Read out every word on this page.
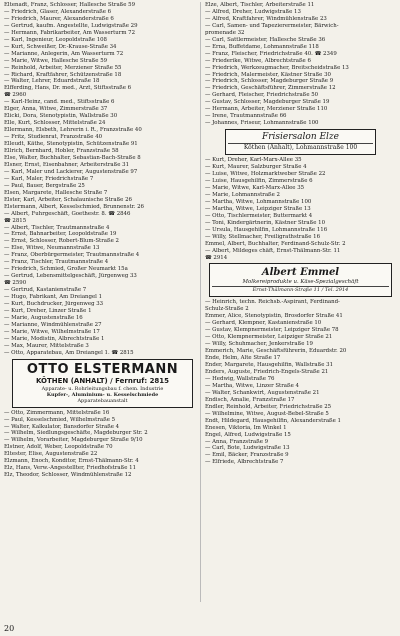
Eltenadt, Franz, Schlosser, Hallesche Straße 59
— Friedrich, Glaser, Alexanderstraße 6
— Friedrich, Maurer, Alexanderstraße 6
— Gertrud, kaufm. Angestellte, Ludwigstraße 29
— Hermann, Fabrikarbeiter, Am Wasserturm 72
— Karl, Ingenieur, Leopoldstraße 108
— Kurt, Schweißer, Dr.-Krause-Straße 34
— Marianne, Anlegerin, Am Wasserturm 72
— Marie, Witwe, Hallesche Straße 59
— Reinhold, Arbeiter, Merziener Straße 55
— Richard, Kraftfahrer, Schützenstraße 18
— Walter, Lehrer, Eduardstraße 18
Elfferding, Hans, Dr. med., Arzt, Stiftsstraße 6
☎ 2960
— Karl-Heinz, cand. med., Stiftsstraße 6
Elger, Anna, Witwe, Zimmerstraße 37
Elicki, Dora, Stenotypistin, Wallstraße 30
Elle, Kurt, Schlosser, Mittelstraße 24
Ellermann, Elsbeth, Lehrerin i. R., Franzstraße 40
— Fritz, Studienrat, Franzstraße 40
Elleudt, Käthe, Stenotypistin, Schützenstraße 91
Ellrich, Bernhard, Hobler, Franzstraße 58
Else, Walter, Buchhalter, Sebastian-Bach-Straße 8
Elsner, Ernst, Eisenbahner, Arbeiterstraße 31
— Karl, Maler und Lackierer, Augustenstraße 97
— Karl, Maler, Friedrichstraße 7
— Paul, Bauer, Bergstraße 25
Elsen, Margarete, Hallesche Straße 7
Elster, Karl, Arbeiter, Schalaunische Straße 26
Elstermann, Albert, Kesselschmied, Brunnenstr. 26
— Albert, Fuhrgeschäft, Goethestr. 8. ☎ 2846
☎ 2815
— Albert, Tischler, Trautmannstraße 4
— Ernst, Bahnarbeiter, Leopoldstraße 19
— Ernst, Schlosser, Robert-Blum-Straße 2
— Else, Witwe, Neumannstraße 13
— Franz, Oberbürgermeister, Trautmannstraße 4
— Franz, Tischler, Trautmannstraße 4
— Friedrich, Schmied, Großer Neumarkt 15a
— Gertrud, Lebensmittelgeschäft, Jürgenweg 33
☎ 2590
— Gertrud, Kastanienstraße 7
— Hugo, Fabrikant, Am Dreiangel 1
— Kurt, Buchdrucker, Jürgenweg 33
— Kurt, Dreher, Linzer Straße 1
— Marie, Augustenstraße 16
— Marianne, Windmühlenstraße 27
— Marie, Witwe, Wilhelmstraße 17
— Marie, Modistin, Albrechtstraße 1
— Max, Maurer, Mittelstraße 3
— Otto, Apparatebau, Am Dreiangel 1. ☎ 2815
OTTO ELSTERMANN
KÖTHEN (ANHALT) / Fernruf: 2815
Apparate- u. Rohrleitungsbau f. chem. Industrie
Kupfer-, Aluminium- u. Kesselschmiede
Apparatebauanstalt
— Otto, Zimmermann, Mittelstraße 16
— Paul, Kesselschmied, Wilhelmstraße 5
— Walter, Kalkulator, Bansdorfer Straße 4
— Wilhelm, Siedlungsgeschäfte, Magdeburger Str. 2
— Wilhelm, Vorarbeiter, Magdeburger Straße 9/10
Elstner, Adolf, Weber, Leopoldstraße 70
Eltester, Elise, Augustenstraße 22
Elzmann, Enoch, Konditor, Ernst-Thälmann-Str. 4
Elz, Hans, Verw.-Angestellter, Friedhofstraße 11
Elz, Theodor, Schlosser, Windmühlenstraße 12
Elze, Albert, Tischler, Arbeiterstraße 11
— Alfred, Dreher, Ludwigstraße 13
— Alfred, Kraftfahrer, Windmühlenstraße 23
— Carl, Samen- und Tapezierermeister, Bärwich-
promenade 32
— Carl, Sattlermeister, Hallesche Straße 36
— Erna, Buffetdame, Lohmannstraße 118
— Franz, Fleischer, Friedrichstraße 40. ☎ 2349
— Friederike, Witwe, Albrechtstraße 6
— Friedrich, Werkzeugmacher, Breitscheidstraße 13
— Friedrich, Malermeister, Kästner Straße 30
— Friedrich, Schlosser, Magdeburger Straße 9
— Friedrich, Geschäftsführer, Zimmerstraße 12
— Gerhard, Fleischer, Friedrichstraße 50
— Gustav, Schlosser, Magdeburger Straße 19
— Hermann, Arbeiter, Merziener Straße 110
— Irene, Trautmannstraße 66
— Johannes, Friseur, Lohmannstraße 100
Frisiersalon Elze
Köthen (Anhalt), Lohmannstraße 100
— Kurt, Dreher, Karl-Marx-Allee 35
— Kurt, Maurer, Salzburger Straße 4
— Luise, Witwe, Holzmarktweber Straße 22
— Luise, Hausgehilfin, Zimmerstraße 6
— Marie, Witwe, Karl-Marx-Allee 35
— Marie, Lohmannstraße 2
— Martha, Witwe, Lohmannstraße 100
— Martha, Witwe, Leipziger Straße 13
— Otto, Tischlermeister, Buttermarkt 4
— Toni, Kindergärtnerin, Kästner Straße 10
— Ursula, Hausgehilfin, Lohmannstraße 116
— Willy, Stellmacher, Freiligrathstraße 16
Emmel, Albert, Buchhalter, Ferdinand-Schulz-Str. 2
— Albert, Mildeges chäft, Ernst-Thälmann-Str. 11
☎ 2914
Albert Emmel
Molkereiprodukte u. Käse-Spezialgeschäft
Ernst-Thälmann-Straße 11 / Tel. 2914
— Heinrich, techn. Reichsb.-Aspirant, Ferdinand-
Schulz-Straße 2
Emmer, Alice, Stenotypistin, Brosdorfer Straße 41
— Gerhard, Klempner, Kastanienstraße 10
— Gustav, Klempnermeister, Leipziger Straße 78
— Otto, Klempnermeister, Leipziger Straße 21
— Willy, Schuhmacher, Jenkerstraße 19
Emmerich, Marie, Geschäftsführerin, Eduardstr. 20
Ende, Helm, Alte Straße 17
Ender, Margarete, Hausgehilfin, Wallstraße 31
Enders, Auguste, Friedrich-Engels-Straße 21
— Hedwig, Wallstraße 76
— Martha, Witwe, Linzer Straße 4
— Walter, Schankwirt, Augustenstraße 21
Endisch, Amalie, Franzstraße 17
Endler, Reinhold, Arbeiter, Friedrichstraße 25
— Wilhelmine, Witwe, August-Bebel-Straße 5
Endt, Hildegard, Hausgehilfin, Alexanderstraße 1
Enesen, Viktoria, Im Winkel 1
Engel, Alfred, Ludwigstraße 15
— Anna, Franzstraße 9
— Carl, Bote, Ludwigstraße 13
— Emil, Bäcker, Franzstraße 9
— Elfriede, Albrechtstraße 7
20
